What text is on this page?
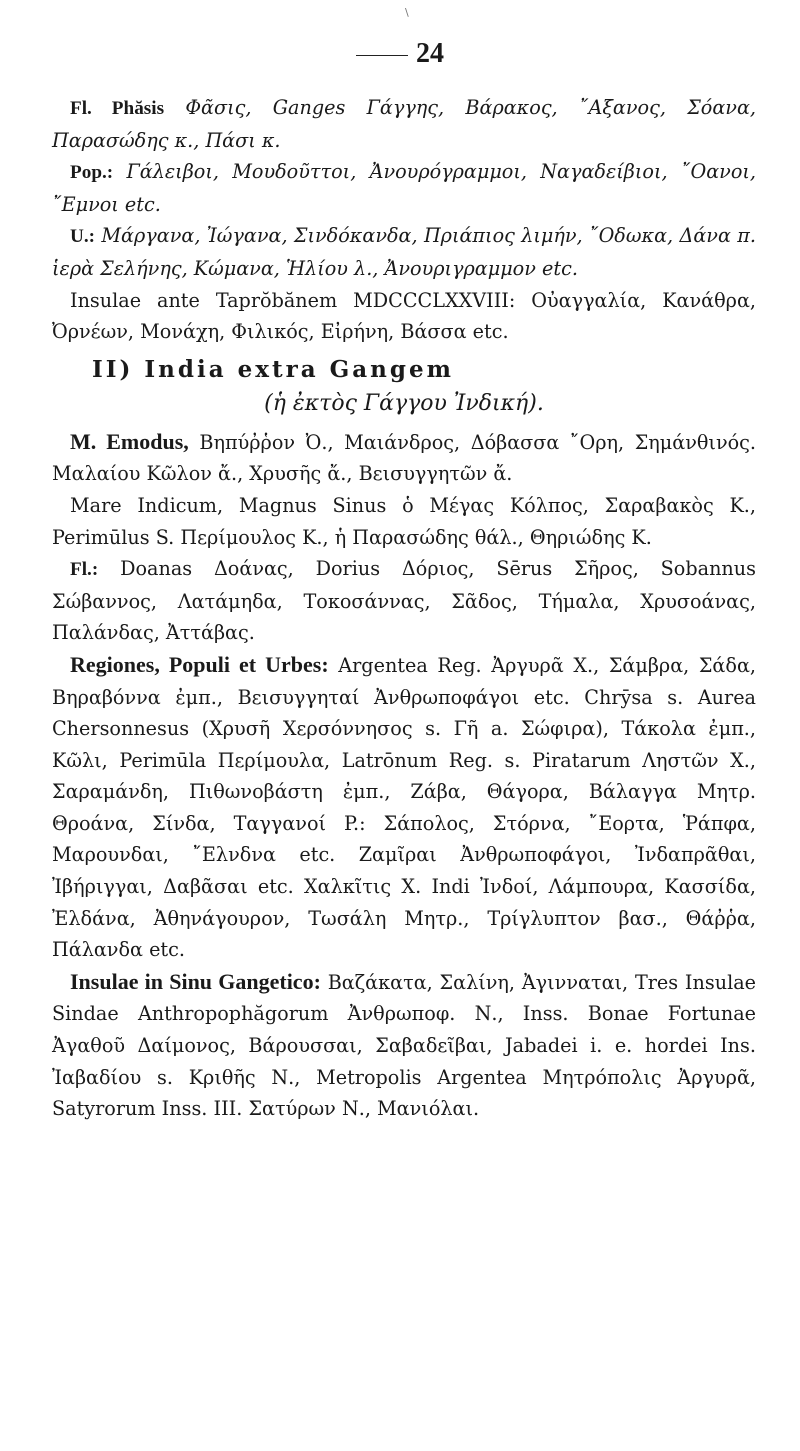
\
24

Fl. Phăsis Φᾶσις, Ganges Γάγγης, Βάρακος, ῎Αξανος, Σόανα, Παρασώδης κ., Πάσι κ.

Pop.: Γάλειβοι, Μουδοῦττοι, Ἀνουρόγραμμοι, Ναγαδείβιοι, ῎Οανοι, ῎Εμνοι etc.

U.: Μάργανα, Ἰώγανα, Σινδόκανδα, Πριάπιος λιμήν, ῎Οδωκα, Δάνα π. ἱερὰ Σελήνης, Κώμανα, Ἡλίου λ., Ἀνουριγραμμον etc.

Insulae ante Taprŏbănem MDCCCLXXVIII: Οὐαγγαλία, Κανάθρα, Ὀρνέων, Μονάχη, Φιλικός, Εἰρήνη, Βάσσα etc.

II) India extra Gangem

(ἡ ἐκτὸς Γάγγου Ἰνδική).

M. Emodus, Βηπύῤῥον Ὀ., Μαιάνδρος, Δόβασσα ῎Ορη, Σημάνθινός. Μαλαίου Κῶλον ἄ., Χρυσῆς ἄ., Βεισυγγητῶν ἄ.

Mare Indicum, Magnus Sinus ὁ Μέγας Κόλπος, Σαραβακὸς Κ., Perimūlus S. Περίμουλος Κ., ἡ Παρασώδης θάλ., Θηριώδης Κ.

Fl.: Doanas Δοάνας, Dorius Δόριος, Sērus Σῆρος, Sobannus Σώβαννος, Λατάμηδα, Τοκοσάννας, Σᾶδος, Τήμαλα, Χρυσοάνας, Παλάνδας, Ἀττάβας.

Regiones, Populi et Urbes: Argentea Reg. Ἀργυρᾶ Χ., Σάμβρα, Σάδα, Βηραβόννα ἐμπ., Βεισυγγηταί Ἀνθρωποφάγοι etc. Chrȳsa s. Aurea Chersonnesus (Χρυσῆ Χερσόννησος s. Γῆ a. Σώφιρα), Τάκολα ἐμπ., Κῶλι, Perimūla Περίμουλα, Latrōnum Reg. s. Piratarum Ληστῶν Χ., Σαραμάνδη, Πιθωνοβάστη ἐμπ., Ζάβα, Θάγορα, Βάλαγγα Μητρ. Θροάνα, Σίνδα, Ταγγανοί P.: Σάπολος, Στόρνα, ῎Εορτα, Ῥάπφα, Μαρουνδαι, ῎Ελνδνα etc. Ζαμῖραι Ἀνθρωποφάγοι, Ἰνδαπρᾶθαι, Ἰβήριγγαι, Δαβᾶσαι etc. Χαλκῖτις Χ. Indi Ἰνδοί, Λάμπουρα, Κασσίδα, Ἐλδάνα, Ἀθηνάγουρον, Τωσάλη Μητρ., Τρίγλυπτον βασ., Θάῤῥα, Πάλανδα etc.

Insulae in Sinu Gangetico: Βαζάκατα, Σαλίνη, Ἀγινναται, Tres Insulae Sindae Anthropophăgorum Ἀνθρωποφ. Ν., Inss. Bonae Fortunae Ἀγαθοῦ Δαίμονος, Βάρουσσαι, Σαβαδεῖβαι, Jabadei i. e. hordei Ins. Ἰαβαδίου s. Κριθῆς Ν., Metropolis Argentea Μητρόπολις Ἀργυρᾶ, Satyrorum Inss. III. Σατύρων Ν., Μανιόλαι.
